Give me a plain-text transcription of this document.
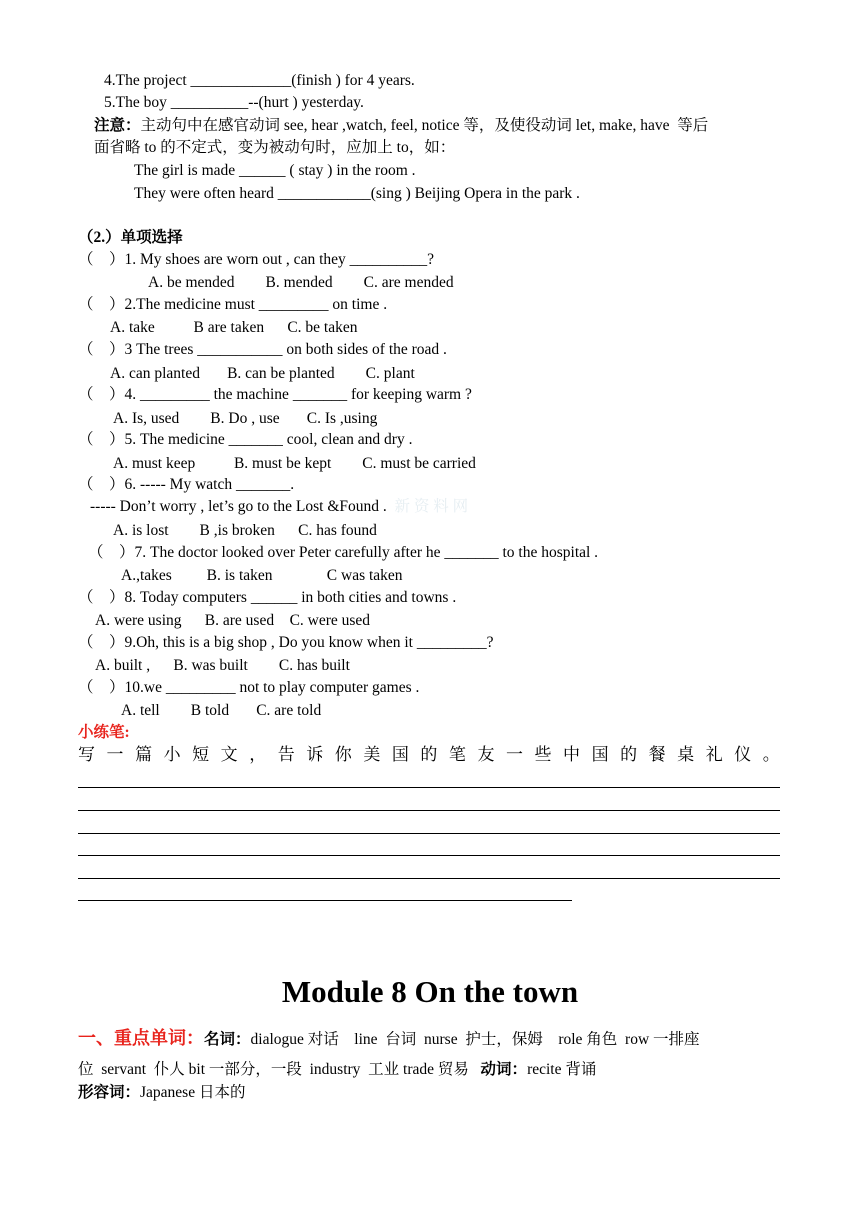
4.The project _____________(finish ) for 4 years.
5.The boy __________--(hurt ) yesterday.
注意：主动句中在感官动词 see, hear ,watch, feel, notice 等，及使役动词 let, make, have  等后
面省略 to 的不定式，变为被动句时，应加上 to，如：
The girl is made ______ ( stay ) in the room .
They were often heard ____________(sing ) Beijing Opera in the park .
（2.）单项选择
（    ）1. My shoes are worn out , can they __________?
A. be mended        B. mended        C. are mended
（    ）2.The medicine must _________ on time .
A. take          B are taken      C. be taken
（    ）3 The trees ___________ on both sides of the road .
A. can planted       B. can be planted        C. plant
（    ）4. _________ the machine _______ for keeping warm ?
A. Is, used        B. Do , use       C. Is ,using
（    ）5. The medicine _______ cool, clean and dry .
A. must keep          B. must be kept        C. must be carried
（    ）6. ----- My watch _______.
----- Don’t worry , let’s go to the Lost &Found . 新 资 料 网
A. is lost        B ,is broken      C. has found
（    ）7. The doctor looked over Peter carefully after he _______ to the hospital .
A.,takes         B. is taken              C was taken
（    ）8. Today computers ______ in both cities and towns .
A. were using      B. are used    C. were used
（    ）9.Oh, this is a big shop , Do you know when it _________?
A. built ,      B. was built        C. has built
（    ）10.we _________ not to play computer games .
A. tell        B told       C. are told
小练笔:
写 一 篇 小 短 文 ， 告 诉 你 美 国 的 笔 友 一 些 中 国 的 餐 桌 礼 仪 。
Module 8 On the town
一、重点单词：名词：dialogue 对话    line  台词  nurse  护士，保姆    role 角色  row 一排座
位  servant  仆人 bit 一部分，一段  industry  工业 trade 贸易   动词：recite 背诵
形容词：Japanese 日本的
